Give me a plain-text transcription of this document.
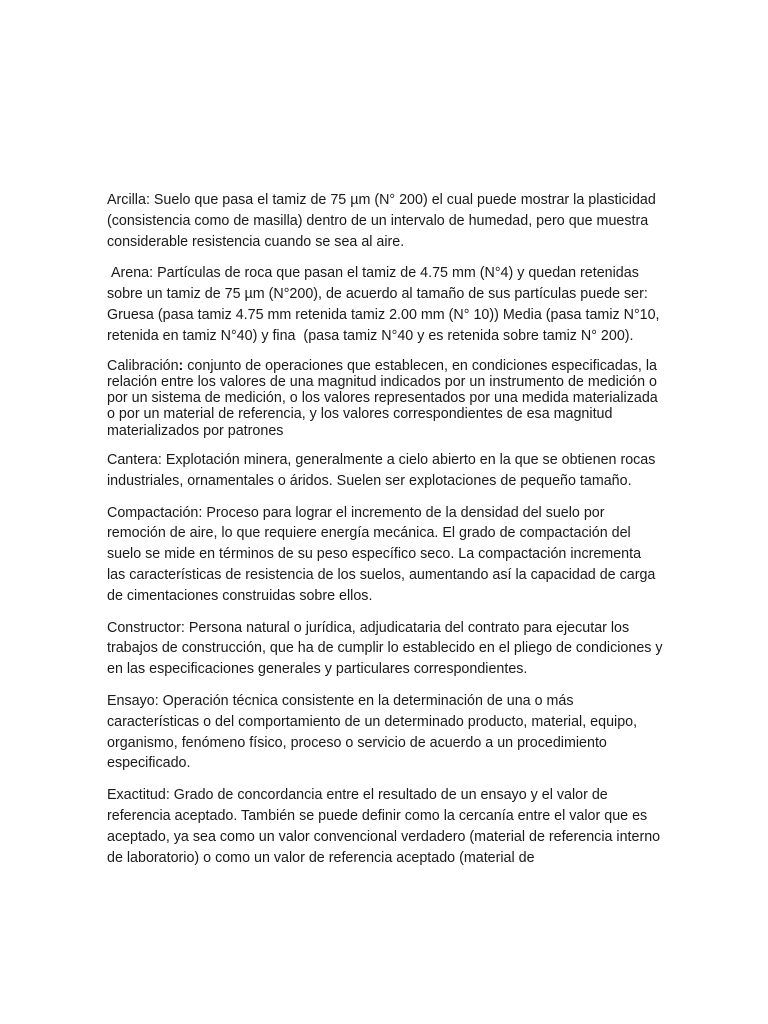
Arcilla: Suelo que pasa el tamiz de 75 µm (N° 200) el cual puede mostrar la plasticidad (consistencia como de masilla) dentro de un intervalo de humedad, pero que muestra considerable resistencia cuando se sea al aire.

Arena: Partículas de roca que pasan el tamiz de 4.75 mm (N°4) y quedan retenidas sobre un tamiz de 75 µm (N°200), de acuerdo al tamaño de sus partículas puede ser: Gruesa (pasa tamiz 4.75 mm retenida tamiz 2.00 mm (N° 10)) Media (pasa tamiz N°10, retenida en tamiz N°40) y fina  (pasa tamiz N°40 y es retenida sobre tamiz N° 200).

Calibración: conjunto de operaciones que establecen, en condiciones especificadas, la relación entre los valores de una magnitud indicados por un instrumento de medición o por un sistema de medición, o los valores representados por una medida materializada o por un material de referencia, y los valores correspondientes de esa magnitud materializados por patrones

Cantera: Explotación minera, generalmente a cielo abierto en la que se obtienen rocas industriales, ornamentales o áridos. Suelen ser explotaciones de pequeño tamaño.

Compactación: Proceso para lograr el incremento de la densidad del suelo por remoción de aire, lo que requiere energía mecánica. El grado de compactación del suelo se mide en términos de su peso específico seco. La compactación incrementa las características de resistencia de los suelos, aumentando así la capacidad de carga de cimentaciones construidas sobre ellos.

Constructor: Persona natural o jurídica, adjudicataria del contrato para ejecutar los trabajos de construcción, que ha de cumplir lo establecido en el pliego de condiciones y en las especificaciones generales y particulares correspondientes.

Ensayo: Operación técnica consistente en la determinación de una o más características o del comportamiento de un determinado producto, material, equipo, organismo, fenómeno físico, proceso o servicio de acuerdo a un procedimiento especificado.

Exactitud: Grado de concordancia entre el resultado de un ensayo y el valor de referencia aceptado. También se puede definir como la cercanía entre el valor que es aceptado, ya sea como un valor convencional verdadero (material de referencia interno de laboratorio) o como un valor de referencia aceptado (material de
